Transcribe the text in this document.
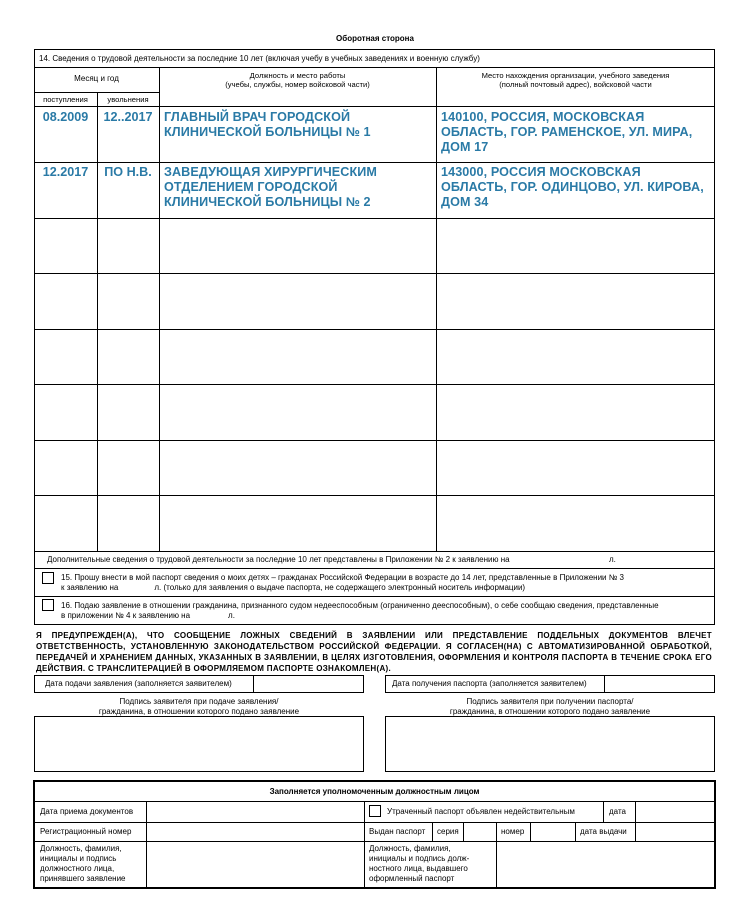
Оборотная сторона
14. Сведения о трудовой деятельности за последние 10 лет (включая учебу в учебных заведениях и военную службу)
Месяц и год
поступления	увольнения
Должность и место работы
(учебы, службы, номер войсковой части)
Место нахождения организации, учебного заведения
(полный почтовый адрес), войсковой части
08.2009	12..2017 ГЛАВНЫЙ ВРАЧ ГОРОДСКОЙ КЛИНИЧЕСКОЙ БОЛЬНИЦЫ № 1
140100, РОССИЯ, МОСКОВСКАЯ ОБЛАСТЬ, ГОР. РАМЕНСКОЕ, УЛ. МИРА, ДОМ 17
12.2017	ПО Н.В. ЗАВЕДУЮЩАЯ ХИРУРГИЧЕСКИМ ОТДЕЛЕНИЕМ ГОРОДСКОЙ КЛИНИЧЕСКОЙ БОЛЬНИЦЫ № 2
143000, РОССИЯ МОСКОВСКАЯ ОБЛАСТЬ, ГОР. ОДИНЦОВО, УЛ. КИРОВА, ДОМ 34
Дополнительные сведения о трудовой деятельности за последние 10 лет представлены в Приложении № 2 к заявлению на	л.
15. Прошу внести в мой паспорт сведения о моих детях – гражданах Российской Федерации в возрасте до 14 лет, представленные в Приложении № 3
к заявлению на	л. (только для заявления о выдаче паспорта, не содержащего электронный носитель информации)
16. Подаю заявление в отношении гражданина, признанного судом недееспособным (ограниченно дееспособным), о себе сообщаю сведения, представленные
в приложении № 4 к заявлению на	л.
Я ПРЕДУПРЕЖДЕН(А), ЧТО СООБЩЕНИЕ ЛОЖНЫХ СВЕДЕНИЙ В ЗАЯВЛЕНИИ ИЛИ ПРЕДСТАВЛЕНИЕ ПОДДЕЛЬНЫХ ДОКУМЕНТОВ ВЛЕЧЕТ ОТВЕТСТВЕННОСТЬ, УСТАНОВЛЕННУЮ ЗАКОНОДАТЕЛЬСТВОМ РОССИЙСКОЙ ФЕДЕРАЦИИ. Я СОГЛАСЕН(НА) С АВТОМАТИЗИРОВАННОЙ ОБРАБОТКОЙ, ПЕРЕДАЧЕЙ И ХРАНЕНИЕМ ДАННЫХ, УКАЗАННЫХ В ЗАЯВЛЕНИИ, В ЦЕЛЯХ ИЗГОТОВЛЕНИЯ, ОФОРМЛЕНИЯ И КОНТРОЛЯ ПАСПОРТА В ТЕЧЕНИЕ СРОКА ЕГО ДЕЙСТВИЯ. С ТРАНСЛИТЕРАЦИЕЙ В ОФОРМЛЯЕМОМ ПАСПОРТЕ ОЗНАКОМЛЕН(А).
Дата подачи заявления (заполняется заявителем)	Дата получения паспорта (заполняется заявителем)
Подпись заявителя при подаче заявления/
гражданина, в отношении которого подано заявление
Подпись заявителя при получении паспорта/
гражданина, в отношении которого подано заявление
Заполняется уполномоченным должностным лицом
Дата приема документов	Утраченный паспорт объявлен недействительным	дата
Регистрационный номер	Выдан паспорт серия	номер	дата выдачи
Должность, фамилия,
инициалы и подпись
должностного лица,
принявшего заявление
Должность, фамилия,
инициалы и подпись долж-
ностного лица, выдавшего
оформленный паспорт
